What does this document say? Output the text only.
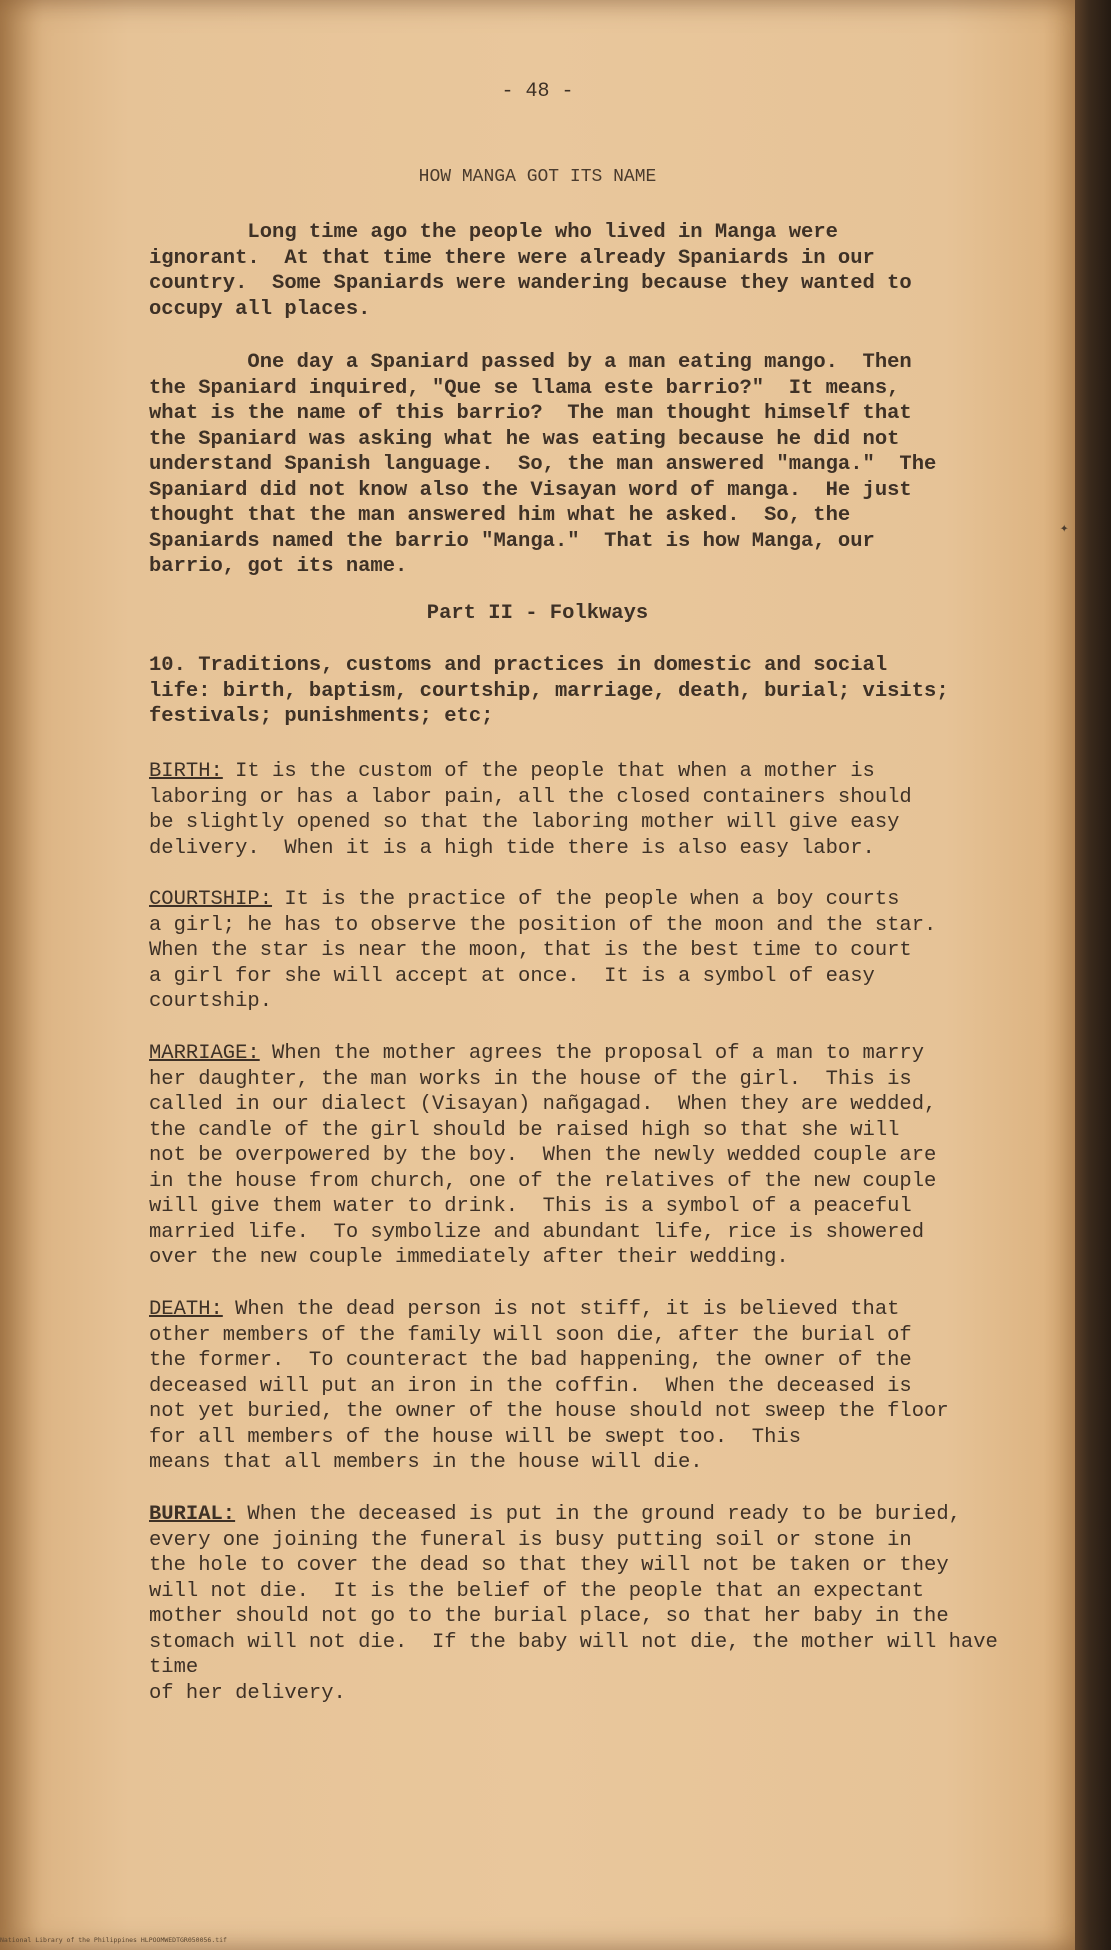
- 48 -

HOW MANGA GOT ITS NAME

Long time ago the people who lived in Manga were
ignorant.  At that time there were already Spaniards in our
country.  Some Spaniards were wandering because they wanted to
occupy all places.

One day a Spaniard passed by a man eating mango.  Then
the Spaniard inquired, "Que se llama este barrio?"  It means,
what is the name of this barrio?  The man thought himself that
the Spaniard was asking what he was eating because he did not
understand Spanish language.  So, the man answered "manga."  The
Spaniard did not know also the Visayan word of manga.  He just
thought that the man answered him what he asked.  So, the
Spaniards named the barrio "Manga."  That is how Manga, our
barrio, got its name.

Part II - Folkways

10. Traditions, customs and practices in domestic and social
life: birth, baptism, courtship, marriage, death, burial; visits;
festivals; punishments; etc;

BIRTH: It is the custom of the people that when a mother is
laboring or has a labor pain, all the closed containers should
be slightly opened so that the laboring mother will give easy
delivery.  When it is a high tide there is also easy labor.

COURTSHIP: It is the practice of the people when a boy courts
a girl; he has to observe the position of the moon and the star.
When the star is near the moon, that is the best time to court
a girl for she will accept at once.  It is a symbol of easy
courtship.

MARRIAGE: When the mother agrees the proposal of a man to marry
her daughter, the man works in the house of the girl.  This is
called in our dialect (Visayan) nañgagad.  When they are wedded,
the candle of the girl should be raised high so that she will
not be overpowered by the boy.  When the newly wedded couple are
in the house from church, one of the relatives of the new couple
will give them water to drink.  This is a symbol of a peaceful
married life.  To symbolize and abundant life, rice is showered
over the new couple immediately after their wedding.

DEATH: When the dead person is not stiff, it is believed that
other members of the family will soon die, after the burial of
the former.  To counteract the bad happening, the owner of the
deceased will put an iron in the coffin.  When the deceased is
not yet buried, the owner of the house should not sweep the floor
for all members of the house will be swept too.  This
means that all members in the house will die.

BURIAL: When the deceased is put in the ground ready to be buried,
every one joining the funeral is busy putting soil or stone in
the hole to cover the dead so that they will not be taken or they
will not die.  It is the belief of the people that an expectant
mother should not go to the burial place, so that her baby in the
stomach will not die.  If the baby will not die, the mother will have time
of her delivery.

✦

National Library of the Philippines HLPOOMWEDTGR050056.tif
